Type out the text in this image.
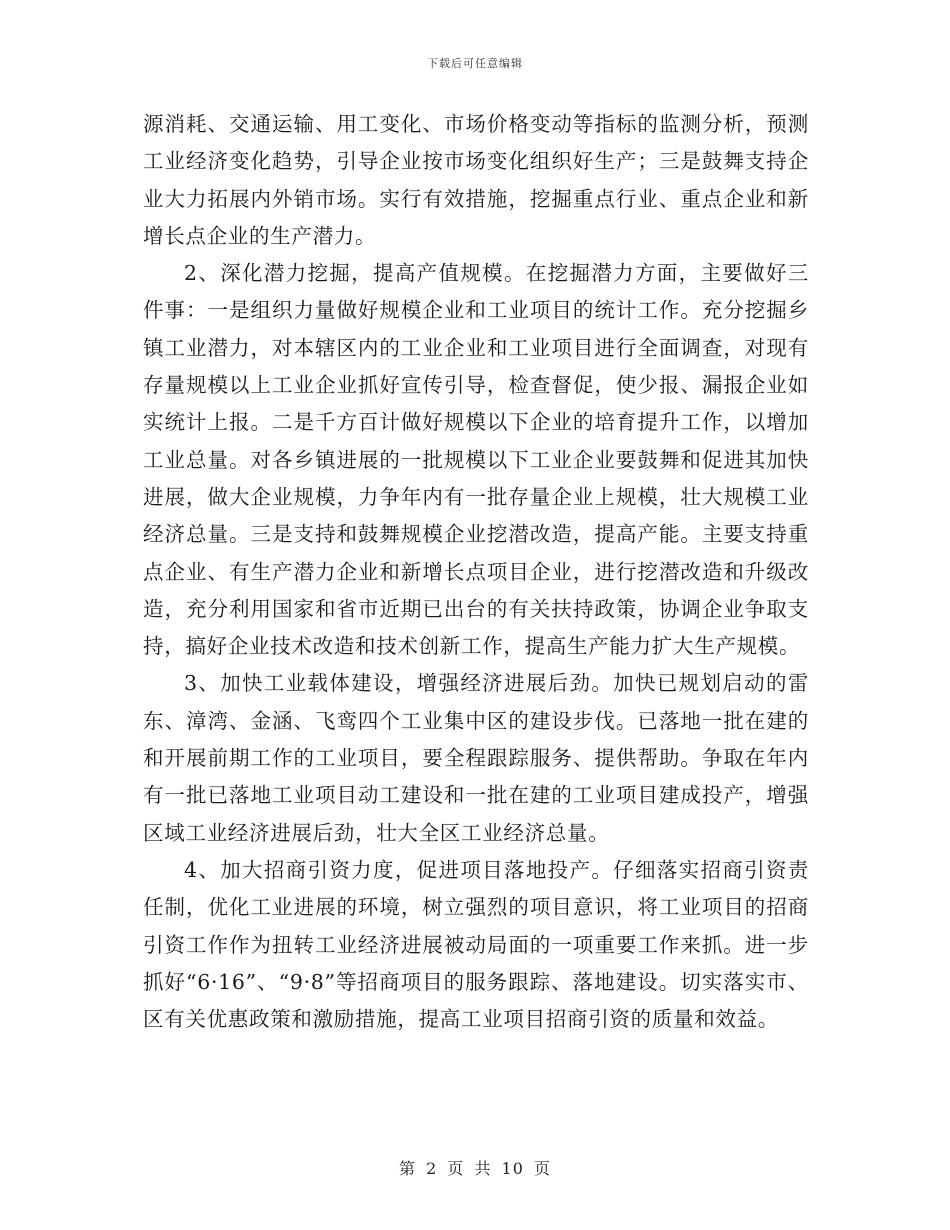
下载后可任意编辑

源消耗、交通运输、用工变化、市场价格变动等指标的监测分析，预测工业经济变化趋势，引导企业按市场变化组织好生产；三是鼓舞支持企业大力拓展内外销市场。实行有效措施，挖掘重点行业、重点企业和新增长点企业的生产潜力。

2、深化潜力挖掘，提高产值规模。在挖掘潜力方面，主要做好三件事：一是组织力量做好规模企业和工业项目的统计工作。充分挖掘乡镇工业潜力，对本辖区内的工业企业和工业项目进行全面调查，对现有存量规模以上工业企业抓好宣传引导，检查督促，使少报、漏报企业如实统计上报。二是千方百计做好规模以下企业的培育提升工作，以增加工业总量。对各乡镇进展的一批规模以下工业企业要鼓舞和促进其加快进展，做大企业规模，力争年内有一批存量企业上规模，壮大规模工业经济总量。三是支持和鼓舞规模企业挖潜改造，提高产能。主要支持重点企业、有生产潜力企业和新增长点项目企业，进行挖潜改造和升级改造，充分利用国家和省市近期已出台的有关扶持政策，协调企业争取支持，搞好企业技术改造和技术创新工作，提高生产能力扩大生产规模。

3、加快工业载体建设，增强经济进展后劲。加快已规划启动的雷东、漳湾、金涵、飞鸾四个工业集中区的建设步伐。已落地一批在建的和开展前期工作的工业项目，要全程跟踪服务、提供帮助。争取在年内有一批已落地工业项目动工建设和一批在建的工业项目建成投产，增强区域工业经济进展后劲，壮大全区工业经济总量。

4、加大招商引资力度，促进项目落地投产。仔细落实招商引资责任制，优化工业进展的环境，树立强烈的项目意识，将工业项目的招商引资工作作为扭转工业经济进展被动局面的一项重要工作来抓。进一步抓好“6·16”、“9·8”等招商项目的服务跟踪、落地建设。切实落实市、区有关优惠政策和激励措施，提高工业项目招商引资的质量和效益。

第 2 页 共 10 页
